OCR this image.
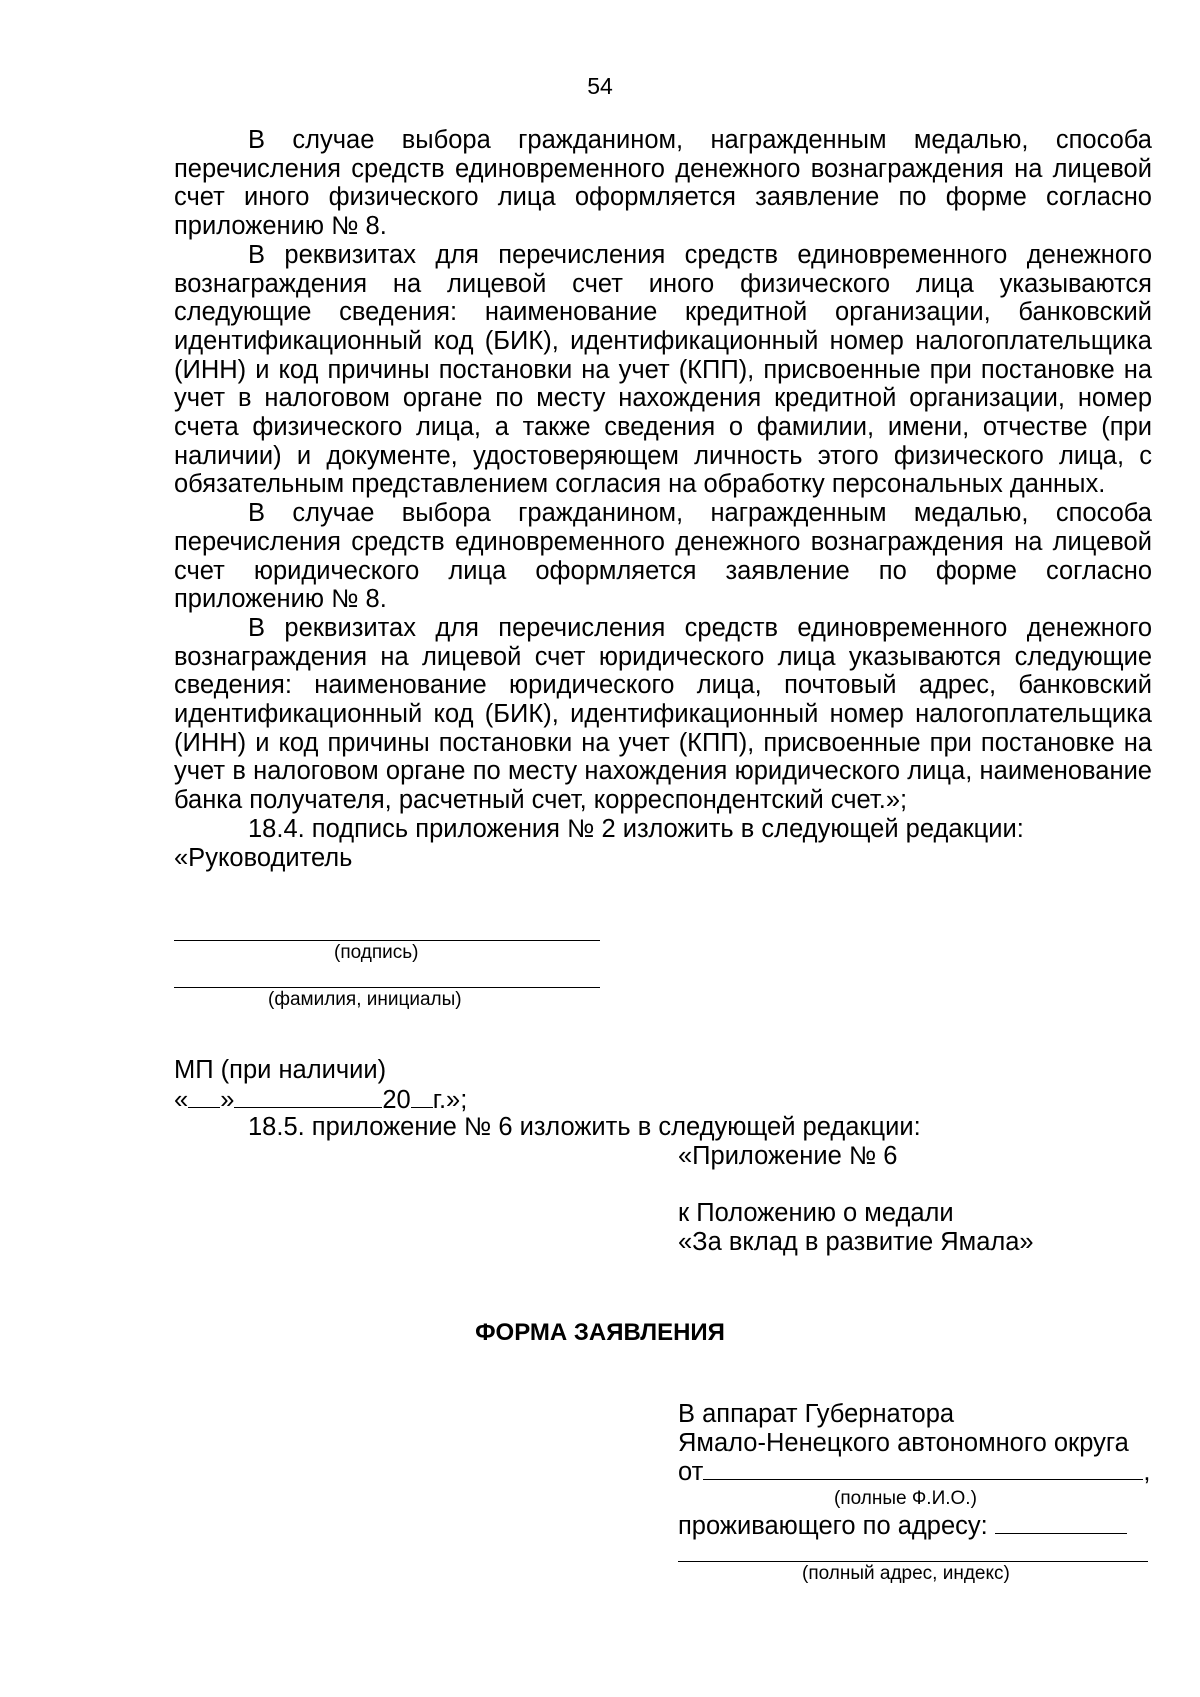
54

В случае выбора гражданином, награжденным медалью, способа перечисления средств единовременного денежного вознаграждения на лицевой счет иного физического лица оформляется заявление по форме согласно приложению № 8.

В реквизитах для перечисления средств единовременного денежного вознаграждения на лицевой счет иного физического лица указываются следующие сведения: наименование кредитной организации, банковский идентификационный код (БИК), идентификационный номер налогоплательщика (ИНН) и код причины постановки на учет (КПП), присвоенные при постановке на учет в налоговом органе по месту нахождения кредитной организации, номер счета физического лица, а также сведения о фамилии, имени, отчестве (при наличии) и документе, удостоверяющем личность этого физического лица, с обязательным представлением согласия на обработку персональных данных.

В случае выбора гражданином, награжденным медалью, способа перечисления средств единовременного денежного вознаграждения на лицевой счет юридического лица оформляется заявление по форме согласно приложению № 8.

В реквизитах для перечисления средств единовременного денежного вознаграждения на лицевой счет юридического лица указываются следующие сведения: наименование юридического лица, почтовый адрес, банковский идентификационный код (БИК), идентификационный номер налогоплательщика (ИНН) и код причины постановки на учет (КПП), присвоенные при постановке на учет в налоговом органе по месту нахождения юридического лица, наименование банка получателя, расчетный счет, корреспондентский счет.»;

18.4. подпись приложения № 2 изложить в следующей редакции:

«Руководитель

(подпись)
(фамилия, инициалы)
МП (при наличии)
« »	20 г.»;
18.5. приложение № 6 изложить в следующей редакции:
«Приложение № 6
к Положению о медали
«За вклад в развитие Ямала»
ФОРМА ЗАЯВЛЕНИЯ
В аппарат Губернатора
Ямало-Ненецкого автономного округа
от	,
(полные Ф.И.О.)
проживающего по адресу:
(полный адрес, индекс)
